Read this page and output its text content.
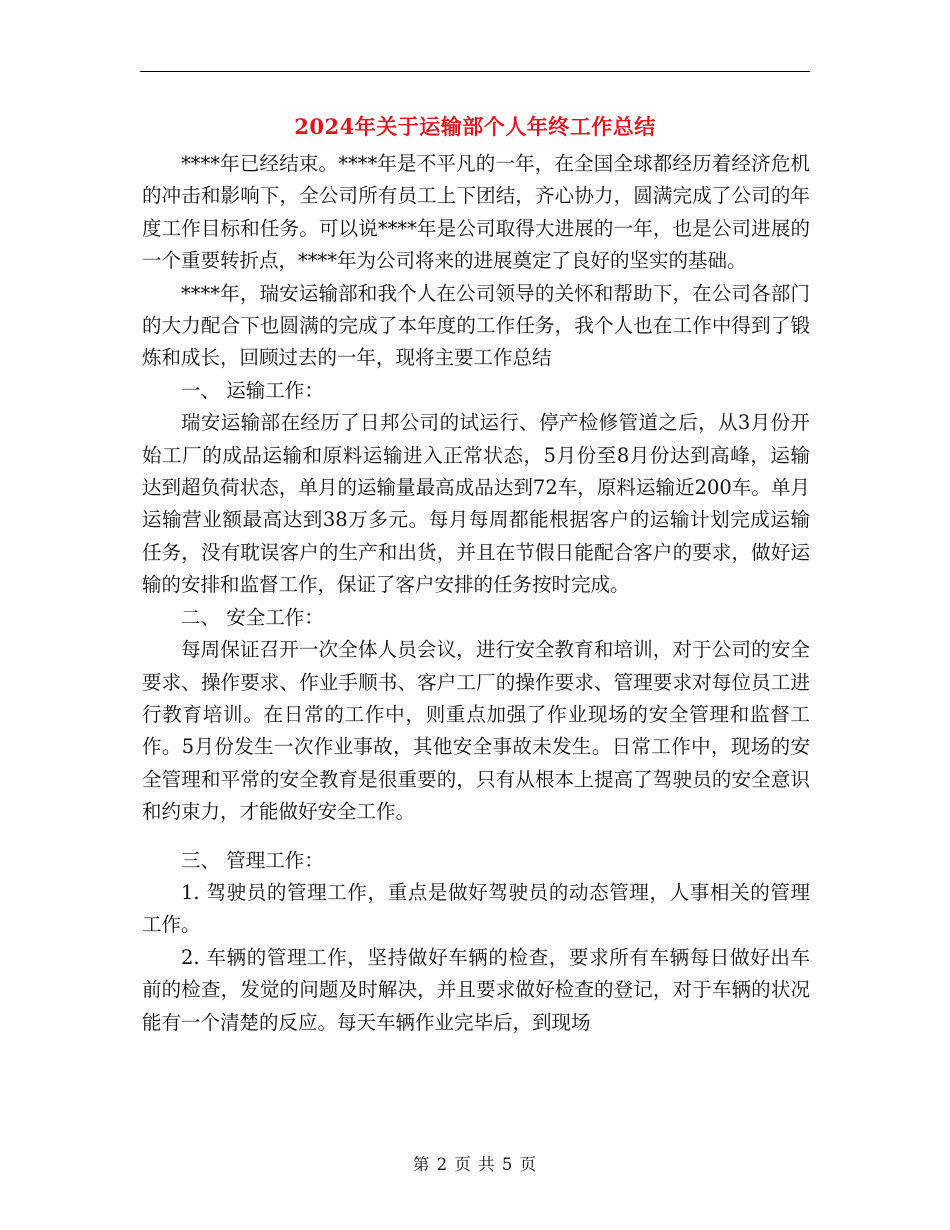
2024年关于运输部个人年终工作总结

****年已经结束。****年是不平凡的一年，在全国全球都经历着经济危机的冲击和影响下，全公司所有员工上下团结，齐心协力，圆满完成了公司的年度工作目标和任务。可以说****年是公司取得大进展的一年，也是公司进展的一个重要转折点，****年为公司将来的进展奠定了良好的坚实的基础。

****年，瑞安运输部和我个人在公司领导的关怀和帮助下，在公司各部门的大力配合下也圆满的完成了本年度的工作任务，我个人也在工作中得到了锻炼和成长，回顾过去的一年，现将主要工作总结

一、 运输工作：

瑞安运输部在经历了日邦公司的试运行、停产检修管道之后，从3月份开始工厂的成品运输和原料运输进入正常状态，5月份至8月份达到高峰，运输达到超负荷状态，单月的运输量最高成品达到72车，原料运输近200车。单月运输营业额最高达到38万多元。每月每周都能根据客户的运输计划完成运输任务，没有耽误客户的生产和出货，并且在节假日能配合客户的要求，做好运输的安排和监督工作，保证了客户安排的任务按时完成。

二、 安全工作：

每周保证召开一次全体人员会议，进行安全教育和培训，对于公司的安全要求、操作要求、作业手顺书、客户工厂的操作要求、管理要求对每位员工进行教育培训。在日常的工作中，则重点加强了作业现场的安全管理和监督工作。5月份发生一次作业事故，其他安全事故未发生。日常工作中，现场的安全管理和平常的安全教育是很重要的，只有从根本上提高了驾驶员的安全意识和约束力，才能做好安全工作。

三、 管理工作：

1. 驾驶员的管理工作，重点是做好驾驶员的动态管理，人事相关的管理工作。

2. 车辆的管理工作，坚持做好车辆的检查，要求所有车辆每日做好出车前的检查，发觉的问题及时解决，并且要求做好检查的登记，对于车辆的状况能有一个清楚的反应。每天车辆作业完毕后，到现场

第 2 页 共 5 页
